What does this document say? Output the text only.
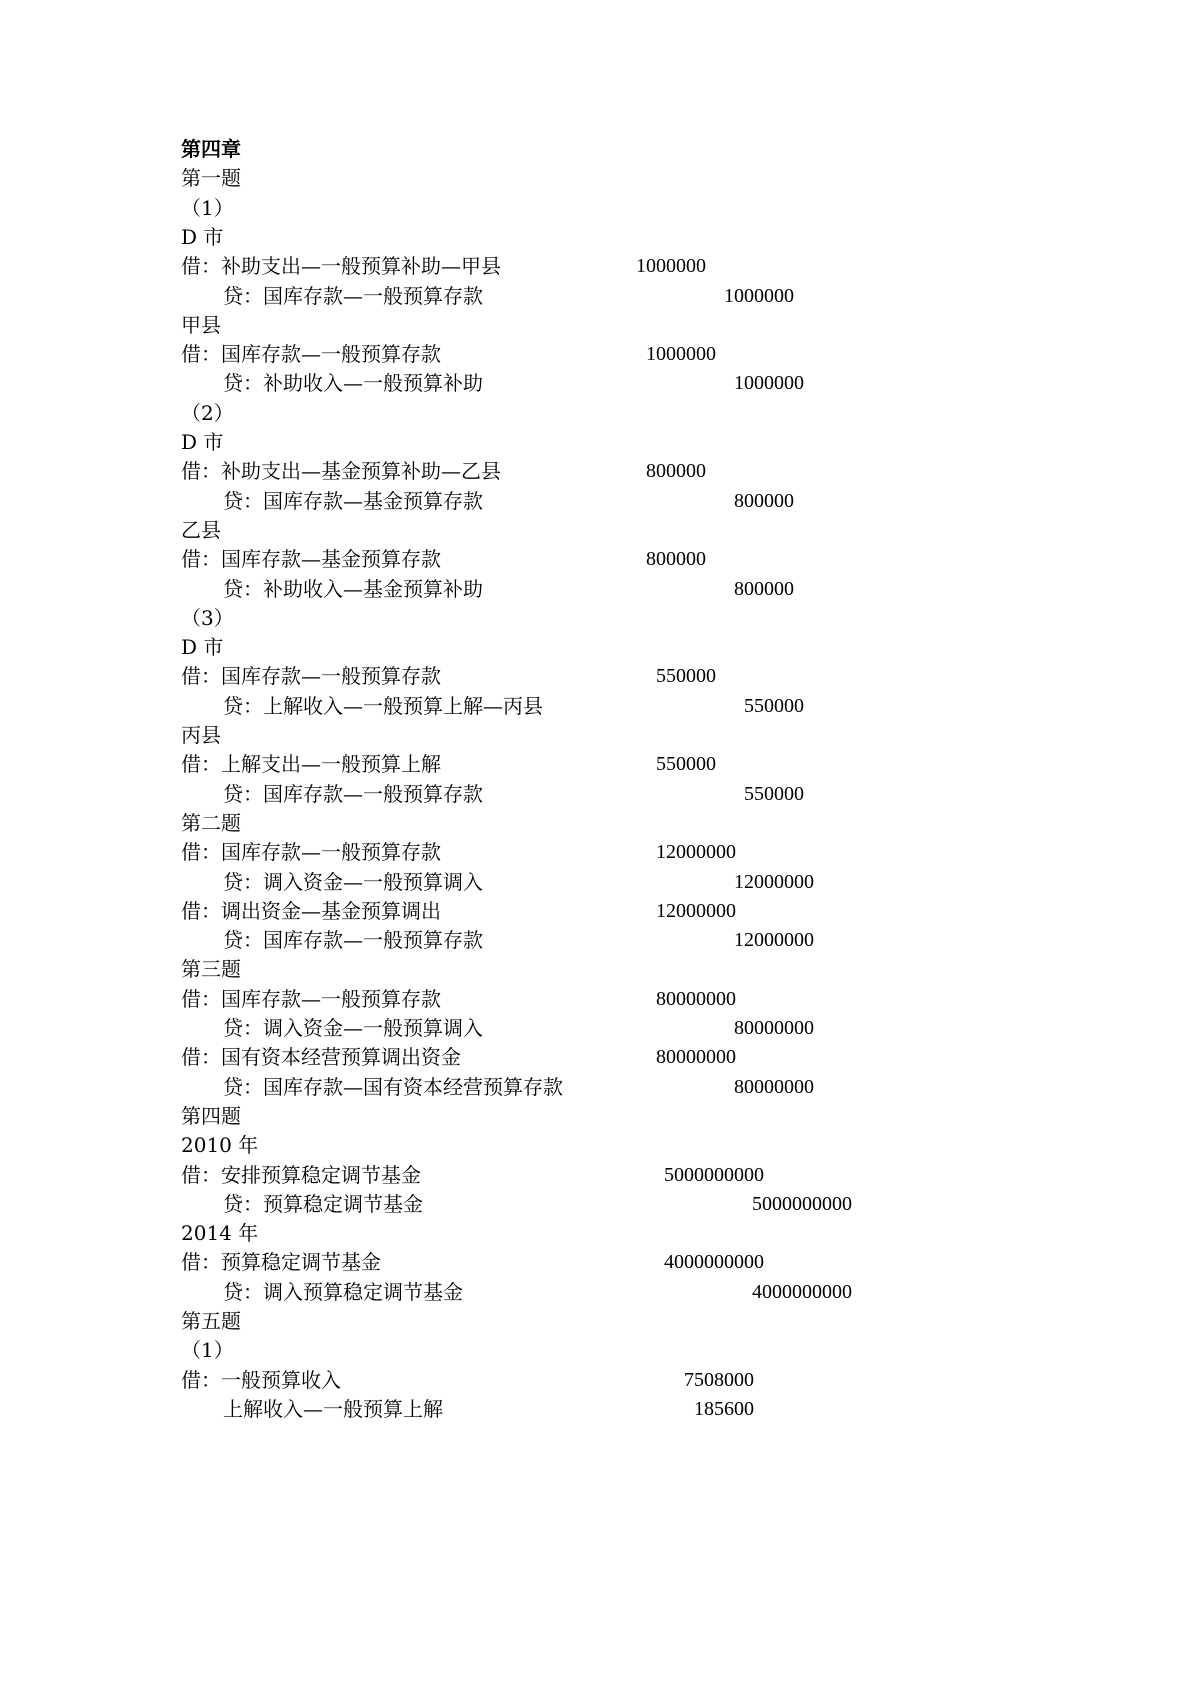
第四章
第一题
（1）
D 市
借：补助支出—一般预算补助—甲县	1000000
贷：国库存款—一般预算存款	1000000
甲县
借：国库存款—一般预算存款	1000000
贷：补助收入—一般预算补助	1000000
（2）
D 市
借：补助支出—基金预算补助—乙县	800000
贷：国库存款—基金预算存款	800000
乙县
借：国库存款—基金预算存款	800000
贷：补助收入—基金预算补助	800000
（3）
D 市
借：国库存款—一般预算存款	550000
贷：上解收入—一般预算上解—丙县	550000
丙县
借：上解支出—一般预算上解	550000
贷：国库存款—一般预算存款	550000
第二题
借：国库存款—一般预算存款	12000000
贷：调入资金—一般预算调入	12000000
借：调出资金—基金预算调出	12000000
贷：国库存款—一般预算存款	12000000
第三题
借：国库存款—一般预算存款	80000000
贷：调入资金—一般预算调入	80000000
借：国有资本经营预算调出资金	80000000
贷：国库存款—国有资本经营预算存款	80000000
第四题
2010 年
借：安排预算稳定调节基金	5000000000
贷：预算稳定调节基金	5000000000
2014 年
借：预算稳定调节基金	4000000000
贷：调入预算稳定调节基金	4000000000
第五题
（1）
借：一般预算收入	7508000
上解收入—一般预算上解	185600
